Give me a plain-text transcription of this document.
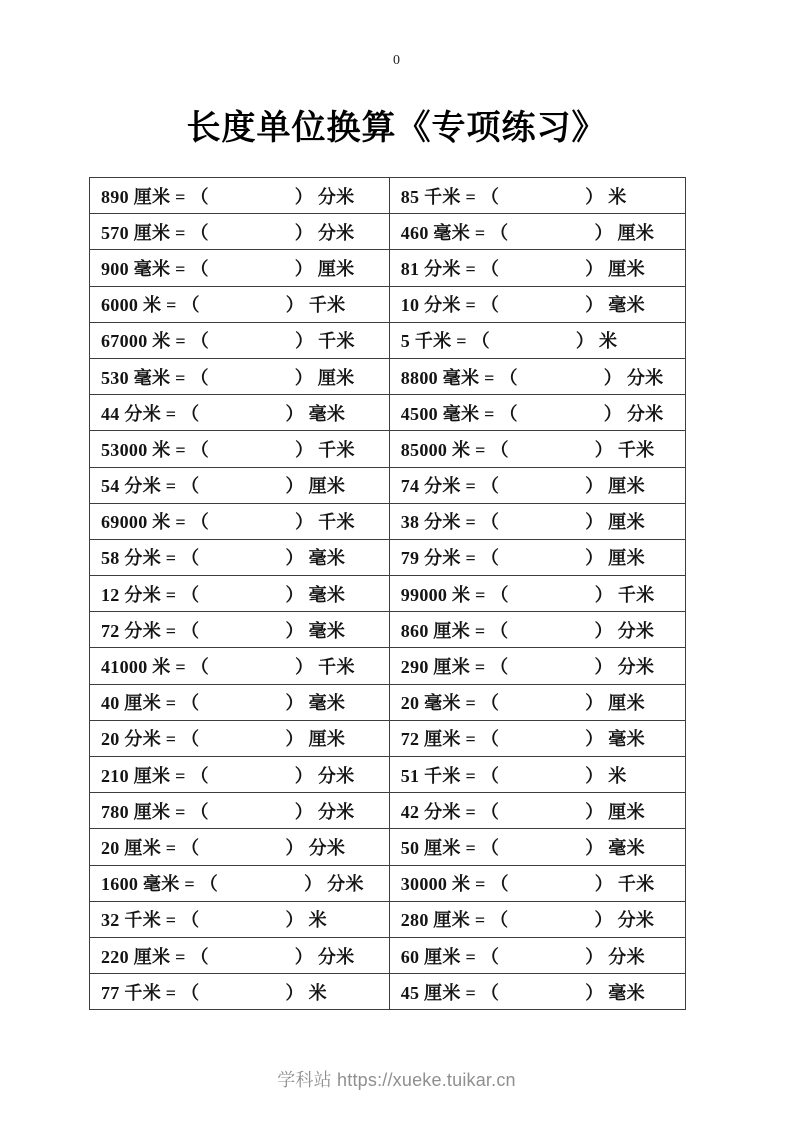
0
长度单位换算《专项练习》
890 厘米 = （ ） 分米	85 千米 = （ ） 米
570 厘米 = （ ） 分米	460 毫米 = （ ） 厘米
900 毫米 = （ ） 厘米	81 分米 = （ ） 厘米
6000 米 = （ ） 千米	10 分米 = （ ） 毫米
67000 米 = （ ） 千米	5 千米 = （ ） 米
530 毫米 = （ ） 厘米	8800 毫米 = （ ） 分米
44 分米 = （ ） 毫米	4500 毫米 = （ ） 分米
53000 米 = （ ） 千米	85000 米 = （ ） 千米
54 分米 = （ ） 厘米	74 分米 = （ ） 厘米
69000 米 = （ ） 千米	38 分米 = （ ） 厘米
58 分米 = （ ） 毫米	79 分米 = （ ） 厘米
12 分米 = （ ） 毫米	99000 米 = （ ） 千米
72 分米 = （ ） 毫米	860 厘米 = （ ） 分米
41000 米 = （ ） 千米	290 厘米 = （ ） 分米
40 厘米 = （ ） 毫米	20 毫米 = （ ） 厘米
20 分米 = （ ） 厘米	72 厘米 = （ ） 毫米
210 厘米 = （ ） 分米	51 千米 = （ ） 米
780 厘米 = （ ） 分米	42 分米 = （ ） 厘米
20 厘米 = （ ） 分米	50 厘米 = （ ） 毫米
1600 毫米 = （ ） 分米	30000 米 = （ ） 千米
32 千米 = （ ） 米	280 厘米 = （ ） 分米
220 厘米 = （ ） 分米	60 厘米 = （ ） 分米
77 千米 = （ ） 米	45 厘米 = （ ） 毫米
学科站 https://xueke.tuikar.cn
